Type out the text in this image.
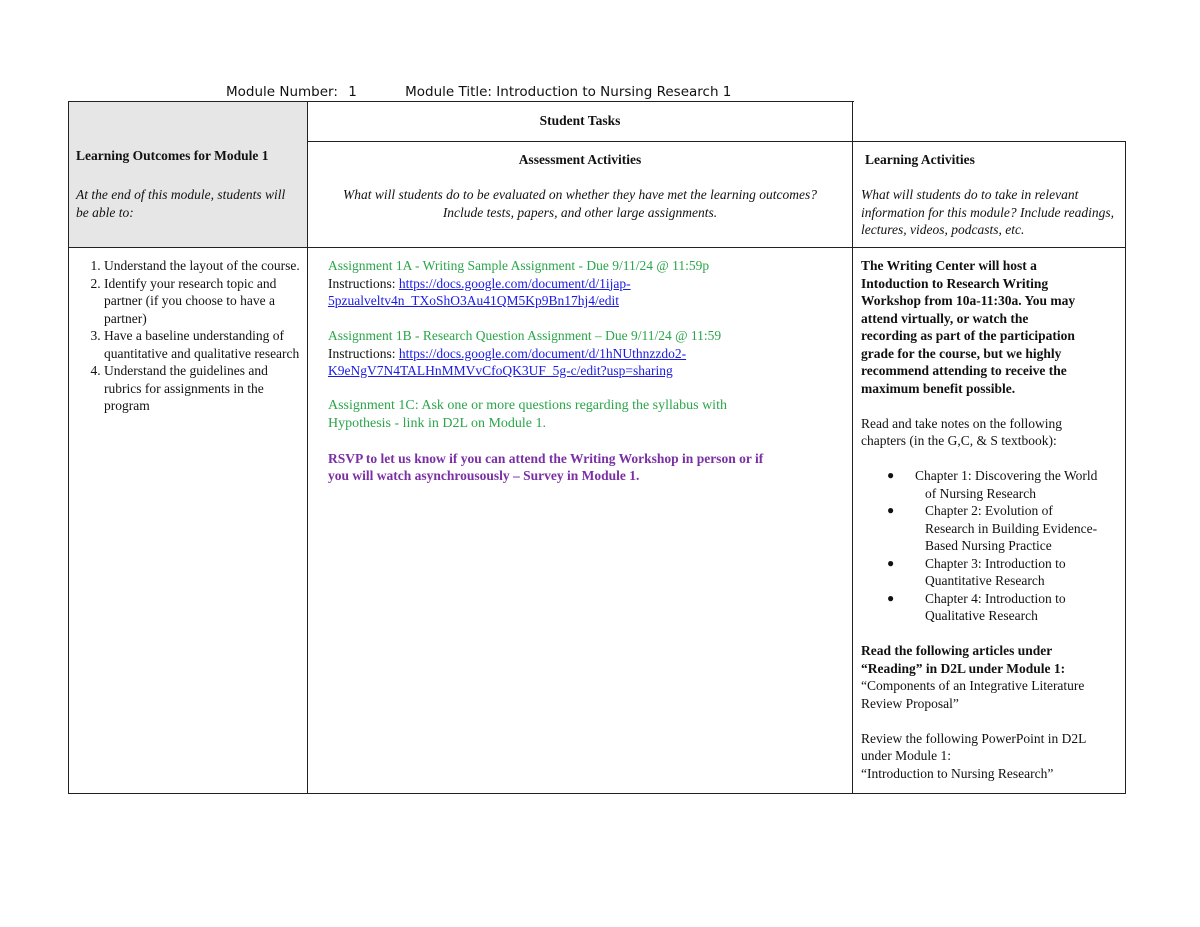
Module Number: 1	Module Title: Introduction to Nursing Research 1
Student Tasks
Learning Outcomes for Module 1
At the end of this module, students will be able to:
Assessment Activities
What will students do to be evaluated on whether they have met the learning outcomes? Include tests, papers, and other large assignments.
Learning Activities
What will students do to take in relevant information for this module? Include readings, lectures, videos, podcasts, etc.
1. Understand the layout of the course.
2. Identify your research topic and partner (if you choose to have a partner)
3. Have a baseline understanding of quantitative and qualitative research
4. Understand the guidelines and rubrics for assignments in the program
Assignment 1A - Writing Sample Assignment - Due 9/11/24 @ 11:59p
Instructions: https://docs.google.com/document/d/1ijap-
5pzualveltv4n_TXoShO3Au41QM5Kp9Bn17hj4/edit
Assignment 1B - Research Question Assignment – Due 9/11/24 @ 11:59
Instructions: https://docs.google.com/document/d/1hNUthnzzdo2-
K9eNgV7N4TALHnMMVvCfoQK3UF_5g-c/edit?usp=sharing
Assignment 1C: Ask one or more questions regarding the syllabus with
Hypothesis - link in D2L on Module 1.
RSVP to let us know if you can attend the Writing Workshop in person or if
you will watch asynchrousously – Survey in Module 1.
The Writing Center will host a
Intoduction to Research Writing
Workshop from 10a-11:30a. You may
attend virtually, or watch the
recording as part of the participation
grade for the course, but we highly
recommend attending to receive the
maximum benefit possible.
Read and take notes on the following
chapters (in the G,C, & S textbook):
● Chapter 1: Discovering the World
of Nursing Research
● Chapter 2: Evolution of
Research in Building Evidence-
Based Nursing Practice
● Chapter 3: Introduction to
Quantitative Research
● Chapter 4: Introduction to
Qualitative Research
Read the following articles under
“Reading” in D2L under Module 1:
“Components of an Integrative Literature
Review Proposal”
Review the following PowerPoint in D2L
under Module 1:
“Introduction to Nursing Research”
